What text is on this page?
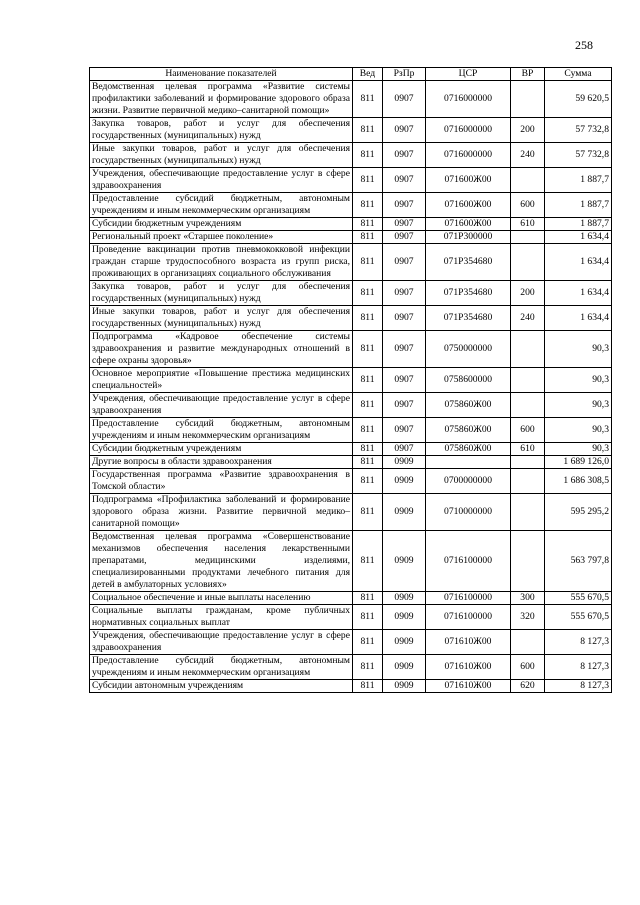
258
Наименование показателей	Вед	РзПр	ЦСР	ВР	Сумма
Ведомственная целевая программа «Развитие системы профилактики заболеваний и формирование здорового образа жизни. Развитие первичной медико–санитарной помощи»	811	0907	0716000000		59 620,5
Закупка товаров, работ и услуг для обеспечения государственных (муниципальных) нужд	811	0907	0716000000	200	57 732,8
Иные закупки товаров, работ и услуг для обеспечения государственных (муниципальных) нужд	811	0907	0716000000	240	57 732,8
Учреждения, обеспечивающие предоставление услуг в сфере здравоохранения	811	0907	071600Ж00		1 887,7
Предоставление субсидий бюджетным, автономным учреждениям и иным некоммерческим организациям	811	0907	071600Ж00	600	1 887,7
Субсидии бюджетным учреждениям	811	0907	071600Ж00	610	1 887,7
Региональный проект «Старшее поколение»	811	0907	071P300000		1 634,4
Проведение вакцинации против пневмококковой инфекции граждан старше трудоспособного возраста из групп риска, проживающих в организациях социального обслуживания	811	0907	071P354680		1 634,4
Закупка товаров, работ и услуг для обеспечения государственных (муниципальных) нужд	811	0907	071P354680	200	1 634,4
Иные закупки товаров, работ и услуг для обеспечения государственных (муниципальных) нужд	811	0907	071P354680	240	1 634,4
Подпрограмма «Кадровое обеспечение системы здравоохранения и развитие международных отношений в сфере охраны здоровья»	811	0907	0750000000		90,3
Основное мероприятие «Повышение престижа медицинских специальностей»	811	0907	0758600000		90,3
Учреждения, обеспечивающие предоставление услуг в сфере здравоохранения	811	0907	075860Ж00		90,3
Предоставление субсидий бюджетным, автономным учреждениям и иным некоммерческим организациям	811	0907	075860Ж00	600	90,3
Субсидии бюджетным учреждениям	811	0907	075860Ж00	610	90,3
Другие вопросы в области здравоохранения	811	0909			1 689 126,0
Государственная программа «Развитие здравоохранения в Томской области»	811	0909	0700000000		1 686 308,5
Подпрограмма «Профилактика заболеваний и формирование здорового образа жизни. Развитие первичной медико–санитарной помощи»	811	0909	0710000000		595 295,2
Ведомственная целевая программа «Совершенствование механизмов обеспечения населения лекарственными препаратами, медицинскими изделиями, специализированными продуктами лечебного питания для детей в амбулаторных условиях»	811	0909	0716100000		563 797,8
Социальное обеспечение и иные выплаты населению	811	0909	0716100000	300	555 670,5
Социальные выплаты гражданам, кроме публичных нормативных социальных выплат	811	0909	0716100000	320	555 670,5
Учреждения, обеспечивающие предоставление услуг в сфере здравоохранения	811	0909	071610Ж00		8 127,3
Предоставление субсидий бюджетным, автономным учреждениям и иным некоммерческим организациям	811	0909	071610Ж00	600	8 127,3
Субсидии автономным учреждениям	811	0909	071610Ж00	620	8 127,3
